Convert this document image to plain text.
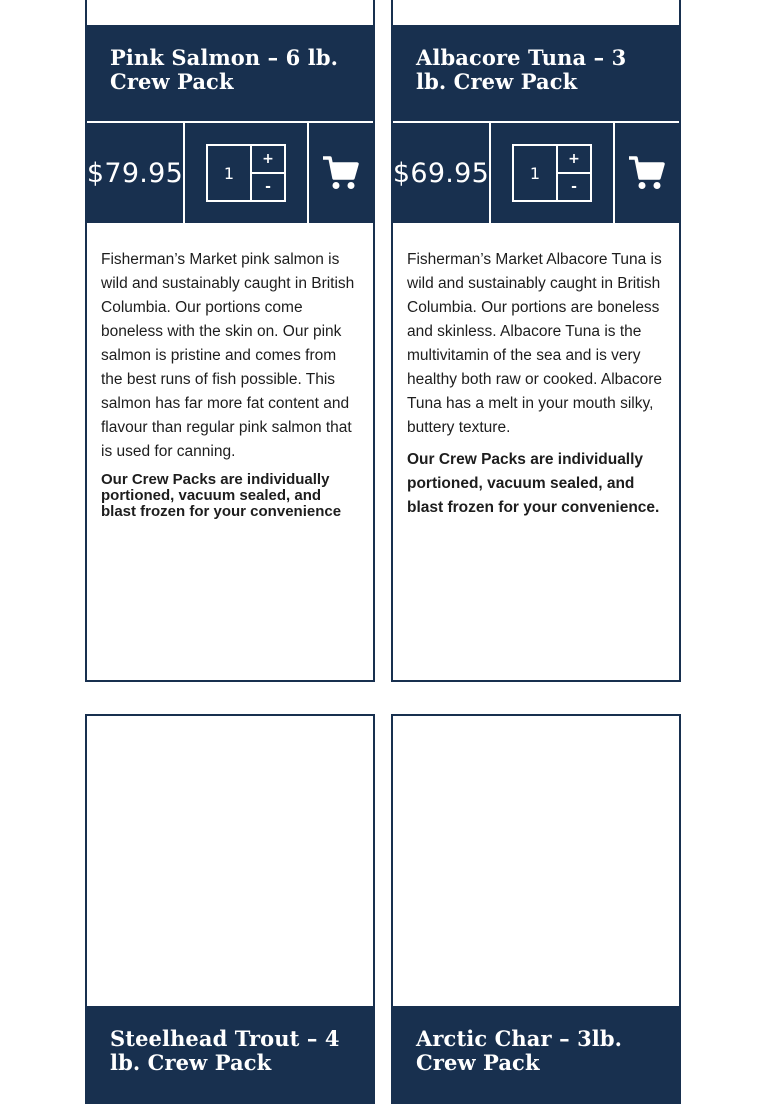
Pink Salmon – 6 lb. Crew Pack
$79.95	1
+
-

Fisherman’s Market pink salmon is wild and sustainably caught in British Columbia. Our portions come boneless with the skin on. Our pink salmon is pristine and comes from the best runs of fish possible. This salmon has far more fat content and flavour than regular pink salmon that is used for canning.

Our Crew Packs are individually portioned, vacuum sealed, and blast frozen for your convenience

Albacore Tuna – 3 lb. Crew Pack
$69.95	1
+
-

Fisherman’s Market Albacore Tuna is wild and sustainably caught in British Columbia. Our portions are boneless and skinless. Albacore Tuna is the multivitamin of the sea and is very healthy both raw or cooked. Albacore Tuna has a melt in your mouth silky, buttery texture.

Our Crew Packs are individually portioned, vacuum sealed, and blast frozen for your convenience.

Steelhead Trout – 4 lb. Crew Pack
Arctic Char – 3lb. Crew Pack
